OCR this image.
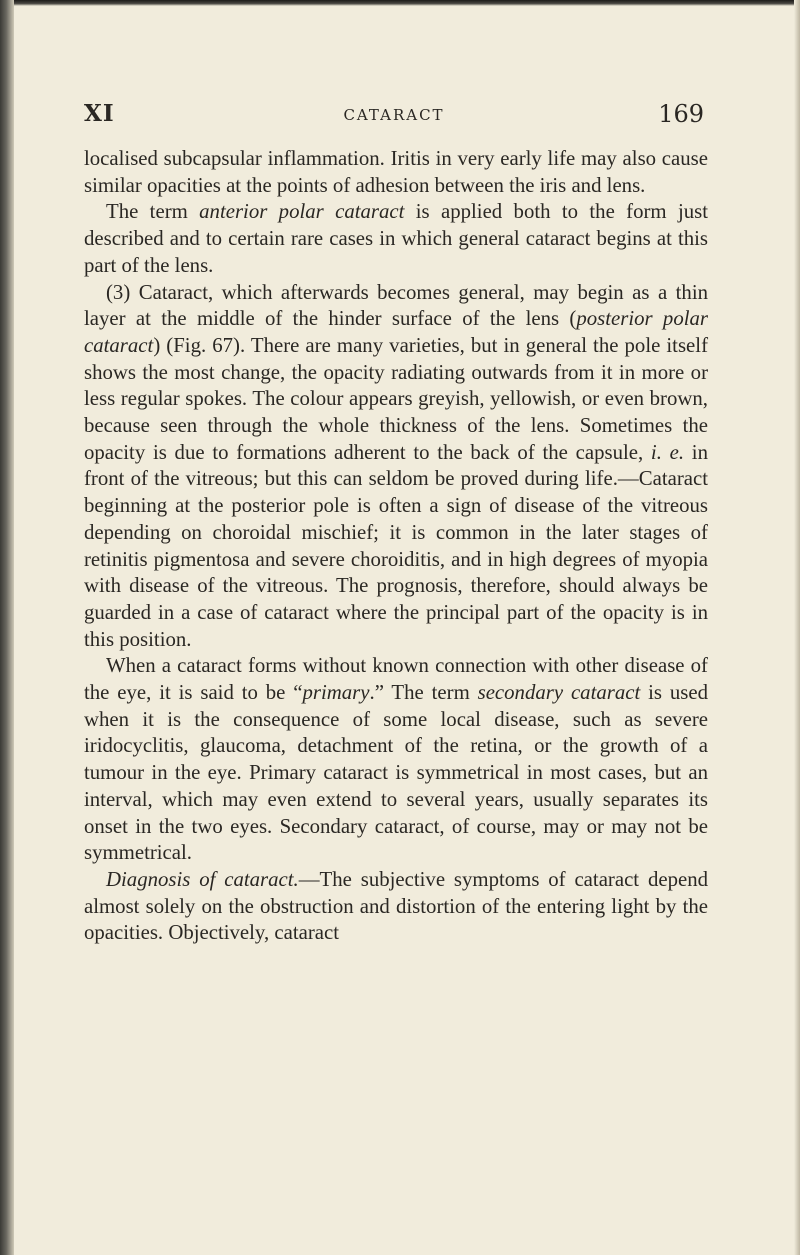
CATARACT
XI	169

localised subcapsular inflammation. Iritis in very early life may also cause similar opacities at the points of adhesion between the iris and lens.

The term anterior polar cataract is applied both to the form just described and to certain rare cases in which general cataract begins at this part of the lens.

(3) Cataract, which afterwards becomes general, may begin as a thin layer at the middle of the hinder surface of the lens (posterior polar cataract) (Fig. 67). There are many varieties, but in general the pole itself shows the most change, the opacity radiating outwards from it in more or less regular spokes. The colour appears greyish, yellowish, or even brown, because seen through the whole thickness of the lens. Sometimes the opacity is due to formations adherent to the back of the capsule, i. e. in front of the vitreous; but this can seldom be proved during life.—Cataract beginning at the posterior pole is often a sign of disease of the vitreous depending on choroidal mischief; it is common in the later stages of retinitis pigmentosa and severe choroiditis, and in high degrees of myopia with disease of the vitreous. The prognosis, therefore, should always be guarded in a case of cataract where the principal part of the opacity is in this position.

When a cataract forms without known connection with other disease of the eye, it is said to be “primary.” The term secondary cataract is used when it is the consequence of some local disease, such as severe iridocyclitis, glaucoma, detachment of the retina, or the growth of a tumour in the eye. Primary cataract is symmetrical in most cases, but an interval, which may even extend to several years, usually separates its onset in the two eyes. Secondary cataract, of course, may or may not be symmetrical.

Diagnosis of cataract.—The subjective symptoms of cataract depend almost solely on the obstruction and distortion of the entering light by the opacities. Objectively, cataract
